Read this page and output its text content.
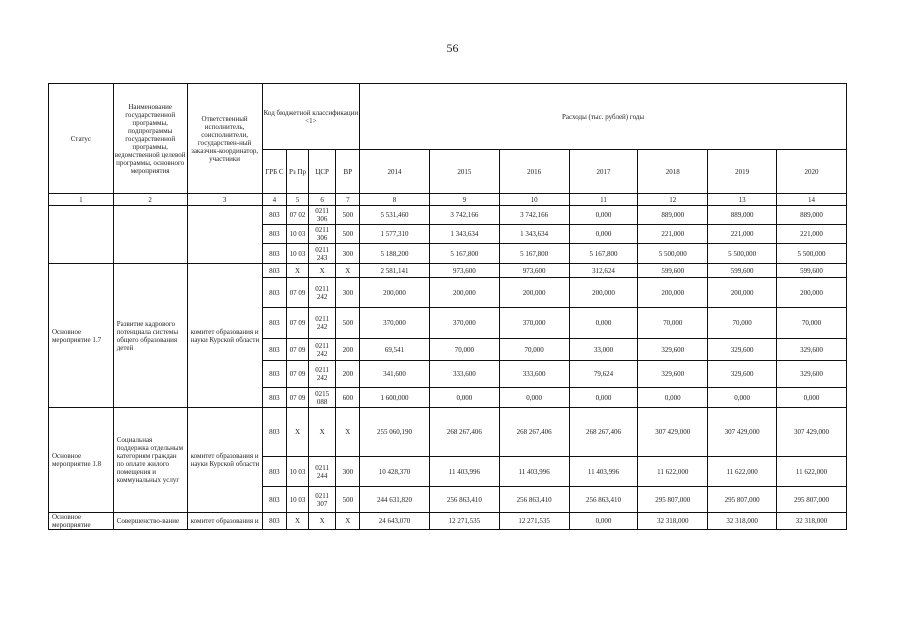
56
Статус	Наименование государственной программы, подпрограммы государственной программы, ведомственной целевой программы, основного мероприятия	Ответственный исполнитель, соисполнители, государствен-ный заказчик-координатор, участники	Код бюджетной классификации <1>				Расходы (тыс. рублей) годы						
			ГРБ С	Рз Пр	ЦСР	ВР	2014	2015	2016	2017	2018	2019	2020
1	2	3	4	5	6	7	8	9	10	11	12	13	14
			803	07 02	0211 306	500	5 531,460	3 742,166	3 742,166	0,000	889,000	889,000	889,000
			803	10 03	0211 306	500	1 577,310	1 343,634	1 343,634	0,000	221,000	221,000	221,000
			803	10 03	0211 243	300	5 188,200	5 167,800	5 167,800	5 167,800	5 500,000	5 500,000	5 500,000
Основное мероприятие 1.7	Развитие кадрового потенциала системы общего образования детей	комитет образования и науки Курской области	803	X	X	X	2 581,141	973,600	973,600	312,624	599,600	599,600	599,600
			803	07 09	0211 242	300	200,000	200,000	200,000	200,000	200,000	200,000	200,000
			803	07 09	0211 242	500	370,000	370,000	370,000	0,000	70,000	70,000	70,000
			803	07 09	0211 242	200	69,541	70,000	70,000	33,000	329,600	329,600	329,600
			803	07 09	0211 242	200	341,600	333,600	333,600	79,624	329,600	329,600	329,600
			803	07 09	0215 088	600	1 600,000	0,000	0,000	0,000	0,000	0,000	0,000
Основное мероприятие 1.8	Социальная поддержка отдельным категориям граждан по оплате жилого помещения и коммунальных услуг	комитет образования и науки Курской области	803	X	X	X	255 060,190	268 267,406	268 267,406	268 267,406	307 429,000	307 429,000	307 429,000
			803	10 03	0211 244	300	10 428,370	11 403,996	11 403,996	11 403,996	11 622,000	11 622,000	11 622,000
			803	10 03	0211 307	500	244 631,820	256 863,410	256 863,410	256 863,410	295 807,000	295 807,000	295 807,000
Основное мероприятие	Совершенство-вание	комитет образования и	803	X	X	X	24 643,070	12 271,535	12 271,535	0,000	32 318,000	32 318,000	32 318,000
